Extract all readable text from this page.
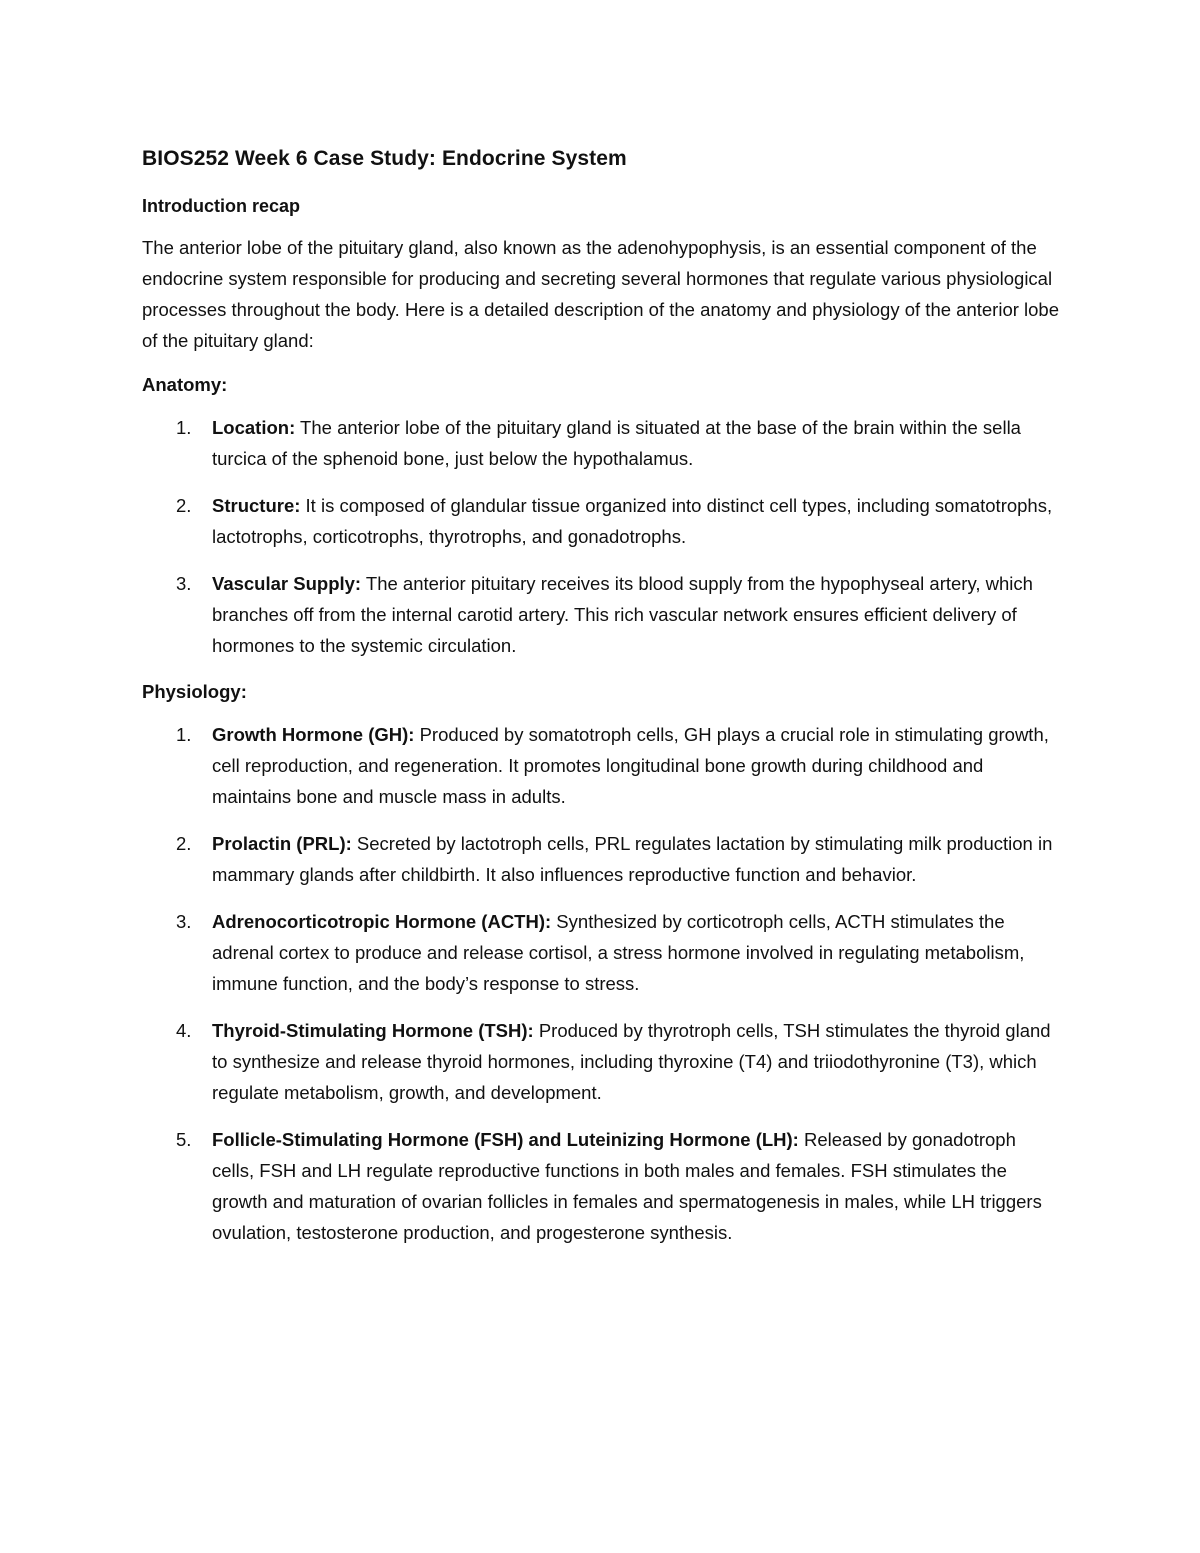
BIOS252 Week 6 Case Study: Endocrine System
Introduction recap

The anterior lobe of the pituitary gland, also known as the adenohypophysis, is an essential component of the endocrine system responsible for producing and secreting several hormones that regulate various physiological processes throughout the body. Here is a detailed description of the anatomy and physiology of the anterior lobe of the pituitary gland:

Anatomy:
1.	Location: The anterior lobe of the pituitary gland is situated at the base of the brain within the sella turcica of the sphenoid bone, just below the hypothalamus.
2.	Structure: It is composed of glandular tissue organized into distinct cell types, including somatotrophs, lactotrophs, corticotrophs, thyrotrophs, and gonadotrophs.
3.	Vascular Supply: The anterior pituitary receives its blood supply from the hypophyseal artery, which branches off from the internal carotid artery. This rich vascular network ensures efficient delivery of hormones to the systemic circulation.
Physiology:
1.	Growth Hormone (GH): Produced by somatotroph cells, GH plays a crucial role in stimulating growth, cell reproduction, and regeneration. It promotes longitudinal bone growth during childhood and maintains bone and muscle mass in adults.
2.	Prolactin (PRL): Secreted by lactotroph cells, PRL regulates lactation by stimulating milk production in mammary glands after childbirth. It also influences reproductive function and behavior.
3.	Adrenocorticotropic Hormone (ACTH): Synthesized by corticotroph cells, ACTH stimulates the adrenal cortex to produce and release cortisol, a stress hormone involved in regulating metabolism, immune function, and the body’s response to stress.
4.	Thyroid-Stimulating Hormone (TSH): Produced by thyrotroph cells, TSH stimulates the thyroid gland to synthesize and release thyroid hormones, including thyroxine (T4) and triiodothyronine (T3), which regulate metabolism, growth, and development.
5.	Follicle-Stimulating Hormone (FSH) and Luteinizing Hormone (LH): Released by gonadotroph cells, FSH and LH regulate reproductive functions in both males and females. FSH stimulates the growth and maturation of ovarian follicles in females and spermatogenesis in males, while LH triggers ovulation, testosterone production, and progesterone synthesis.
